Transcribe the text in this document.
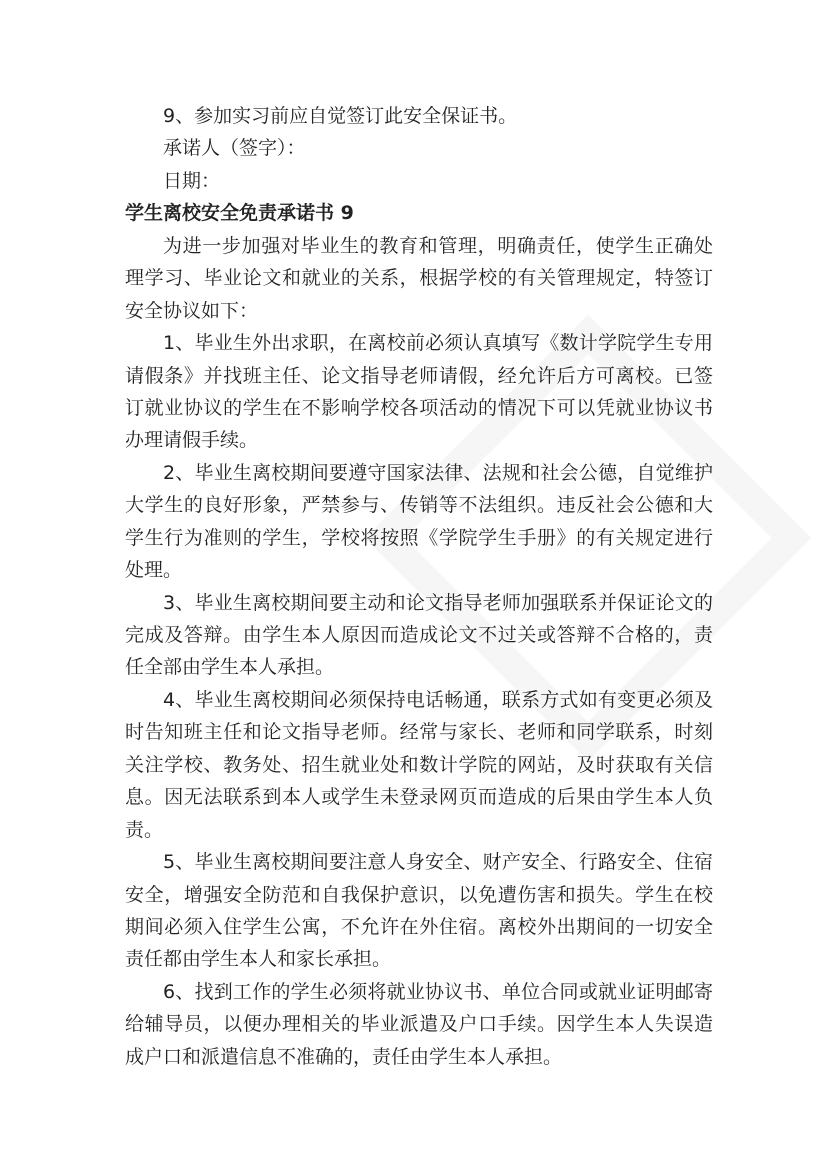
9、参加实习前应自觉签订此安全保证书。
承诺人（签字）：
日期：
学生离校安全免责承诺书 9
为进一步加强对毕业生的教育和管理，明确责任，使学生正确处
理学习、毕业论文和就业的关系，根据学校的有关管理规定，特签订
安全协议如下：
1、毕业生外出求职，在离校前必须认真填写《数计学院学生专用
请假条》并找班主任、论文指导老师请假，经允许后方可离校。已签
订就业协议的学生在不影响学校各项活动的情况下可以凭就业协议书
办理请假手续。
2、毕业生离校期间要遵守国家法律、法规和社会公德，自觉维护
大学生的良好形象，严禁参与、传销等不法组织。违反社会公德和大
学生行为准则的学生，学校将按照《学院学生手册》的有关规定进行
处理。
3、毕业生离校期间要主动和论文指导老师加强联系并保证论文的
完成及答辩。由学生本人原因而造成论文不过关或答辩不合格的，责
任全部由学生本人承担。
4、毕业生离校期间必须保持电话畅通，联系方式如有变更必须及
时告知班主任和论文指导老师。经常与家长、老师和同学联系，时刻
关注学校、教务处、招生就业处和数计学院的网站，及时获取有关信
息。因无法联系到本人或学生未登录网页而造成的后果由学生本人负
责。
5、毕业生离校期间要注意人身安全、财产安全、行路安全、住宿
安全，增强安全防范和自我保护意识，以免遭伤害和损失。学生在校
期间必须入住学生公寓，不允许在外住宿。离校外出期间的一切安全
责任都由学生本人和家长承担。
6、找到工作的学生必须将就业协议书、单位合同或就业证明邮寄
给辅导员，以便办理相关的毕业派遣及户口手续。因学生本人失误造
成户口和派遣信息不准确的，责任由学生本人承担。
